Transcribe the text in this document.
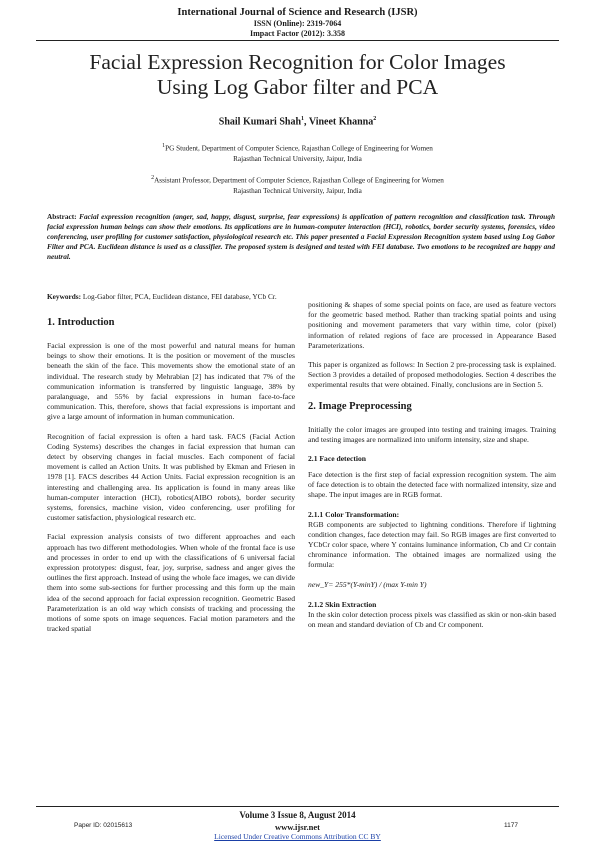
International Journal of Science and Research (IJSR)
ISSN (Online): 2319-7064
Impact Factor (2012): 3.358
Facial Expression Recognition for Color Images
Using Log Gabor filter and PCA
Shail Kumari Shah$^1$, Vineet Khanna$^2$
$^1$PG Student, Department of Computer Science, Rajasthan College of Engineering for Women
Rajasthan Technical University, Jaipur, India
$^2$Assistant Professor, Department of Computer Science, Rajasthan College of Engineering for Women
Rajasthan Technical University, Jaipur, India
Abstract: Facial expression recognition (anger, sad, happy, disgust, surprise, fear expressions) is application of pattern recognition and classification task. Through facial expression human beings can show their emotions. Its applications are in human-computer interaction (HCI), robotics, border security systems, forensics, video conferencing, user profiling for customer satisfaction, physiological research etc. This paper presented a Facial Expression Recognition system based using Log Gabor Filter and PCA. Euclidean distance is used as a classifier. The proposed system is designed and tested with FEI database. Two emotions to be recognized are happy and neutral.
Keywords: Log-Gabor filter, PCA, Euclidean distance, FEI database, YCb Cr.
1. Introduction

Facial expression is one of the most powerful and natural means for human beings to show their emotions. It is the position or movement of the muscles beneath the skin of the face. This movements show the emotional state of an individual. The research study by Mehrabian [2] has indicated that 7% of the communication information is transferred by linguistic language, 38% by paralanguage, and 55% by facial expressions in human face-to-face communication. This, therefore, shows that facial expressions is important and give a large amount of information in human communication.

Recognition of facial expression is often a hard task. FACS (Facial Action Coding Systems) describes the changes in facial expression that human can detect by observing changes in facial muscles. Each component of facial movement is called an Action Units. It was published by Ekman and Friesen in 1978 [1]. FACS describes 44 Action Units. Facial expression recognition is an interesting and challenging area. Its application is found in many areas like human-computer interaction (HCI), robotics(AIBO robots), border security systems, forensics, machine vision, video conferencing, user profiling for customer satisfaction, physiological research etc.

Facial expression analysis consists of two different approaches and each approach has two different methodologies. When whole of the frontal face is use and processes in order to end up with the classifications of 6 universal facial expression prototypes: disgust, fear, joy, surprise, sadness and anger gives the outlines the first approach. Instead of using the whole face images, we can divide them into some sub-sections for further processing and this form up the main idea of the second approach for facial expression recognition. Geometric Based Parameterization is an old way which consists of tracking and processing the motions of some spots on image sequences. Facial motion parameters and the tracked spatial

positioning & shapes of some special points on face, are used as feature vectors for the geometric based method. Rather than tracking spatial points and using positioning and movement parameters that vary within time, color (pixel) information of related regions of face are processed in Appearance Based Parameterizations.

This paper is organized as follows: In Section 2 pre-processing task is explained. Section 3 provides a detailed of proposed methodologies. Section 4 describes the experimental results that were obtained. Finally, conclusions are in Section 5.

2. Image Preprocessing

Initially the color images are grouped into testing and training images. Training and testing images are normalized into uniform intensity, size and shape.

2.1 Face detection

Face detection is the first step of facial expression recognition system. The aim of face detection is to obtain the detected face with normalized intensity, size and shape. The input images are in RGB format.

2.1.1 Color Transformation:

RGB components are subjected to lightning conditions. Therefore if lightning condition changes, face detection may fail. So RGB images are first converted to YCbCr color space, where Y contains luminance information, Cb and Cr contain chrominance information. The obtained images are normalized using the formula:

new_Y= 255*(Y-minY) / (max Y-min Y)
2.1.2 Skin Extraction

In the skin color detection process pixels was classified as skin or non-skin based on mean and standard deviation of Cb and Cr component.

Volume 3 Issue 8, August 2014
www.ijsr.net
Licensed Under Creative Commons Attribution CC BY
Paper ID: 02015613	1177
